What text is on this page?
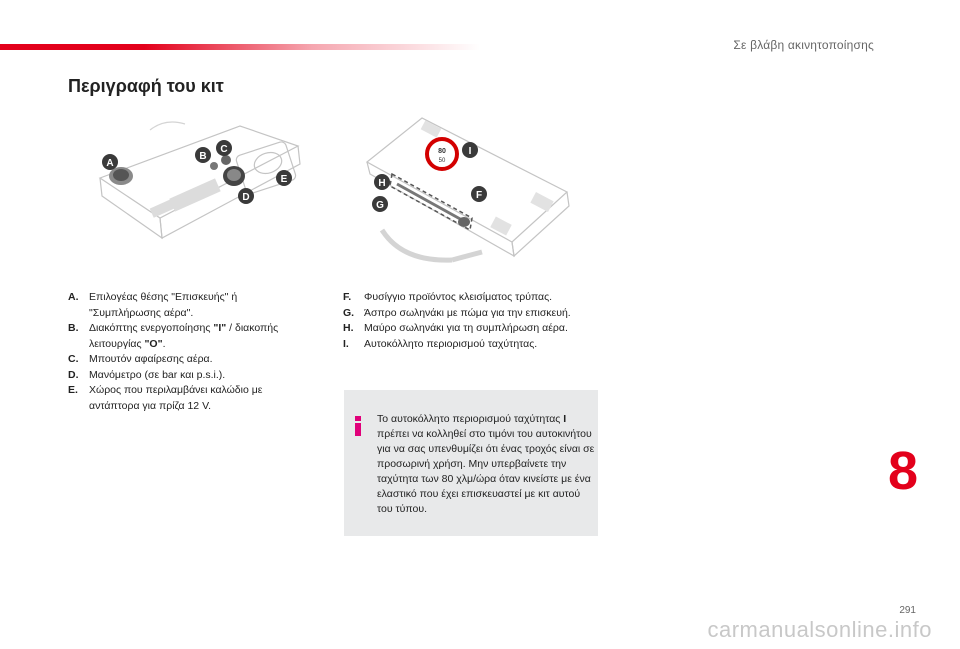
Σε βλάβη ακινητοποίησης
Περιγραφή του κιτ
A
B
C
D
E
80
50
I
H
F
G
A.	Επιλογέας θέσης "Επισκευής" ή "Συμπλήρωσης αέρα".
B.	Διακόπτης ενεργοποίησης "I" / διακοπής λειτουργίας "O".
C.	Μπουτόν αφαίρεσης αέρα.
D.	Μανόμετρο (σε bar και p.s.i.).
E.	Χώρος που περιλαμβάνει καλώδιο με αντάπτορα για πρίζα 12 V.
F.	Φυσίγγιο προϊόντος κλεισίματος τρύπας.
G. Άσπρο σωληνάκι με πώμα για την επισκευή.
H.	Μαύρο σωληνάκι για τη συμπλήρωση αέρα.
I.	Αυτοκόλλητο περιορισμού ταχύτητας.
Το αυτοκόλλητο περιορισμού ταχύτητας I πρέπει να κολληθεί στο τιμόνι του αυτοκινήτου για να σας υπενθυμίζει ότι ένας τροχός είναι σε προσωρινή χρήση. Μην υπερβαίνετε την ταχύτητα των 80 χλμ/ώρα όταν κινείστε με ένα ελαστικό που έχει επισκευαστεί με κιτ αυτού του τύπου.
8
291
carmanualsonline.info
